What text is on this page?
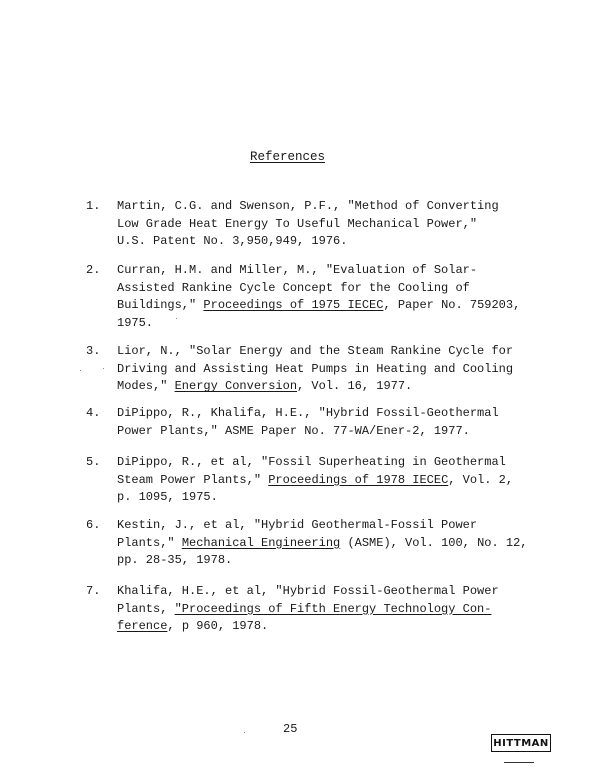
References
1. Martin, C.G. and Swenson, P.F., "Method of Converting
Low Grade Heat Energy To Useful Mechanical Power,"
U.S. Patent No. 3,950,949, 1976.
2. Curran, H.M. and Miller, M., "Evaluation of Solar-
Assisted Rankine Cycle Concept for the Cooling of
Buildings," Proceedings of 1975 IECEC, Paper No. 759203,
1975.
3. Lior, N., "Solar Energy and the Steam Rankine Cycle for
Driving and Assisting Heat Pumps in Heating and Cooling
Modes," Energy Conversion, Vol. 16, 1977.
4. DiPippo, R., Khalifa, H.E., "Hybrid Fossil-Geothermal
Power Plants," ASME Paper No. 77-WA/Ener-2, 1977.
5. DiPippo, R., et al, "Fossil Superheating in Geothermal
Steam Power Plants," Proceedings of 1978 IECEC, Vol. 2,
p. 1095, 1975.
6. Kestin, J., et al, "Hybrid Geothermal-Fossil Power
Plants," Mechanical Engineering (ASME), Vol. 100, No. 12,
pp. 28-35, 1978.
7. Khalifa, H.E., et al, "Hybrid Fossil-Geothermal Power
Plants, "Proceedings of Fifth Energy Technology Con-
ference, p 960, 1978.
25
HITTMAN
